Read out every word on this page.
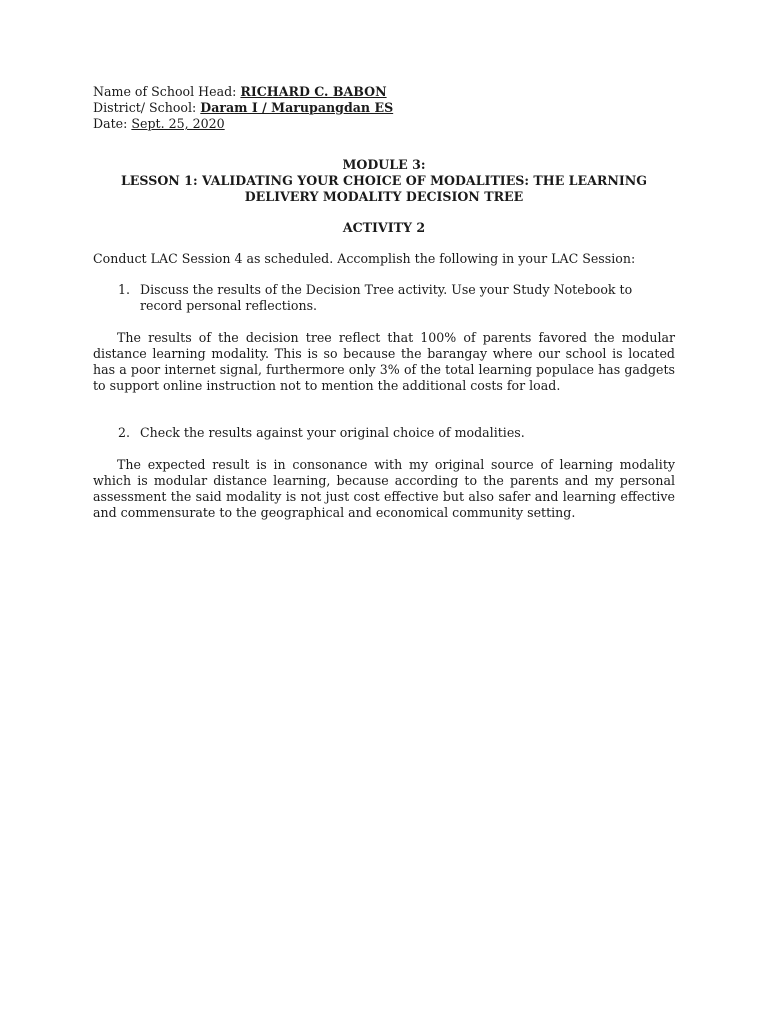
Name of School Head: RICHARD C. BABON
District/ School: Daram I / Marupangdan ES
Date: Sept. 25, 2020
MODULE 3:
LESSON 1: VALIDATING YOUR CHOICE OF MODALITIES: THE LEARNING
DELIVERY MODALITY DECISION TREE
ACTIVITY 2
Conduct LAC Session 4 as scheduled. Accomplish the following in your LAC Session:
1. Discuss the results of the Decision Tree activity. Use your Study Notebook to record personal reflections.
The results of the decision tree reflect that 100% of parents favored the modular distance learning modality. This is so because the barangay where our school is located has a poor internet signal, furthermore only 3% of the total learning populace has gadgets to support online instruction not to mention the additional costs for load.
2. Check the results against your original choice of modalities.
The expected result is in consonance with my original source of learning modality which is modular distance learning, because according to the parents and my personal assessment the said modality is not just cost effective but also safer and learning effective and commensurate to the geographical and economical community setting.
